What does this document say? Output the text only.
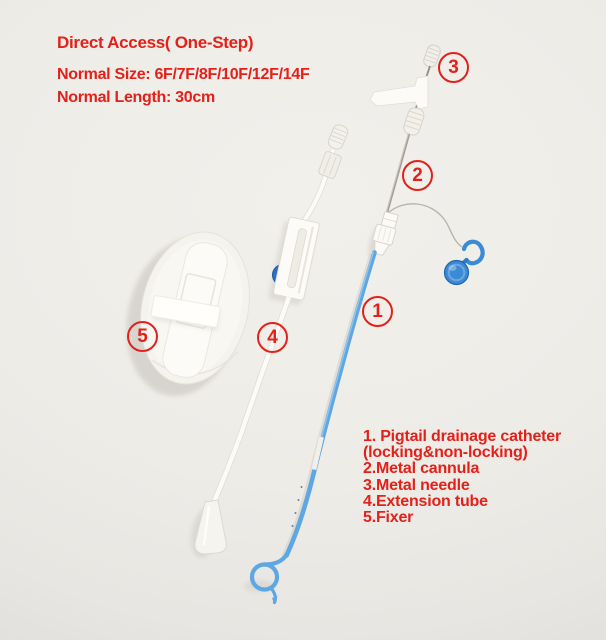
Direct Access( One-Step)
Normal Size: 6F/7F/8F/10F/12F/14F
Normal Length: 30cm
1. Pigtail drainage catheter
(locking&non-locking)
2.Metal cannula
3.Metal needle
4.Extension tube
5.Fixer
1
2
3
4
5
